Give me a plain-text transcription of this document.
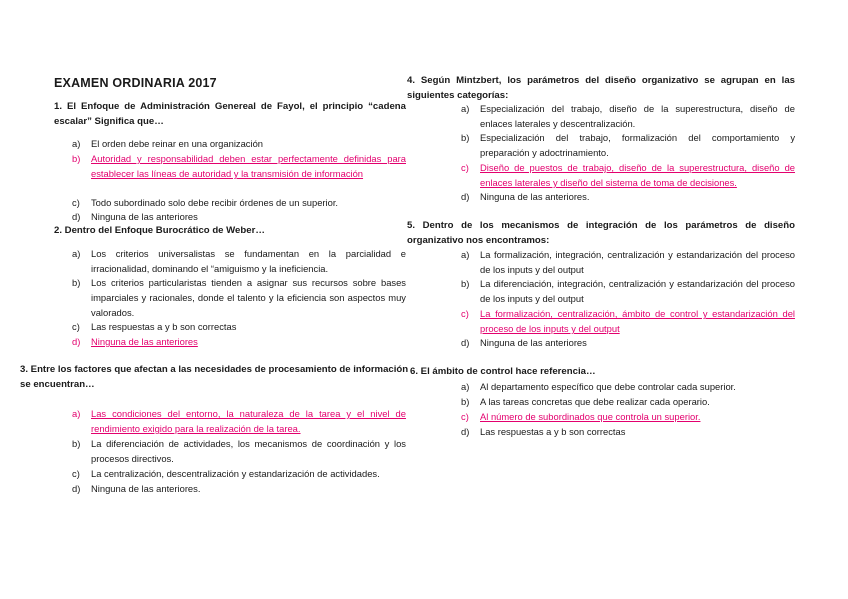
EXAMEN ORDINARIA 2017
1. El Enfoque de Administración Genereal de Fayol, el principio “cadena escalar” Significa que…
a) El orden debe reinar en una organización
b) Autoridad y responsabilidad deben estar perfectamente definidas para establecer las líneas de autoridad y la transmisión de información
c) Todo subordinado solo debe recibir órdenes de un superior.
d) Ninguna de las anteriores
2. Dentro del Enfoque Burocrático de Weber…
a) Los criterios universalistas se fundamentan en la parcialidad e irracionalidad, dominando el “amiguismo y la ineficiencia.
b) Los criterios particularistas tienden a asignar sus recursos sobre bases imparciales y racionales, donde el talento y la eficiencia son aspectos muy valorados.
c) Las respuestas a y b son correctas
d) Ninguna de las anteriores
3. Entre los factores que afectan a las necesidades de procesamiento de información se encuentran…
a) Las condiciones del entorno, la naturaleza de la tarea y el nivel de rendimiento exigido para la realización de la tarea.
b) La diferenciación de actividades, los mecanismos de coordinación y los procesos directivos.
c) La centralización, descentralización y estandarización de actividades.
d) Ninguna de las anteriores.
4. Según Mintzbert, los parámetros del diseño organizativo se agrupan en las siguientes categorías:
a) Especialización del trabajo, diseño de la superestructura, diseño de enlaces laterales y descentralización.
b) Especialización del trabajo, formalización del comportamiento y preparación y adoctrinamiento.
c) Diseño de puestos de trabajo, diseño de la superestructura, diseño de enlaces laterales y diseño del sistema de toma de decisiones.
d) Ninguna de las anteriores.
5. Dentro de los mecanismos de integración de los parámetros de diseño organizativo nos encontramos:
a) La formalización, integración, centralización y estandarización del proceso de los inputs y del output
b) La diferenciación, integración, centralización y estandarización del proceso de los inputs y del output
c) La formalización, centralización, ámbito de control y estandarización del proceso de los inputs y del output
d) Ninguna de las anteriores
6. El ámbito de control hace referencia…
a) Al departamento específico que debe controlar cada superior.
b) A las tareas concretas que debe realizar cada operario.
c) Al número de subordinados que controla un superior.
d) Las respuestas a y b son correctas
